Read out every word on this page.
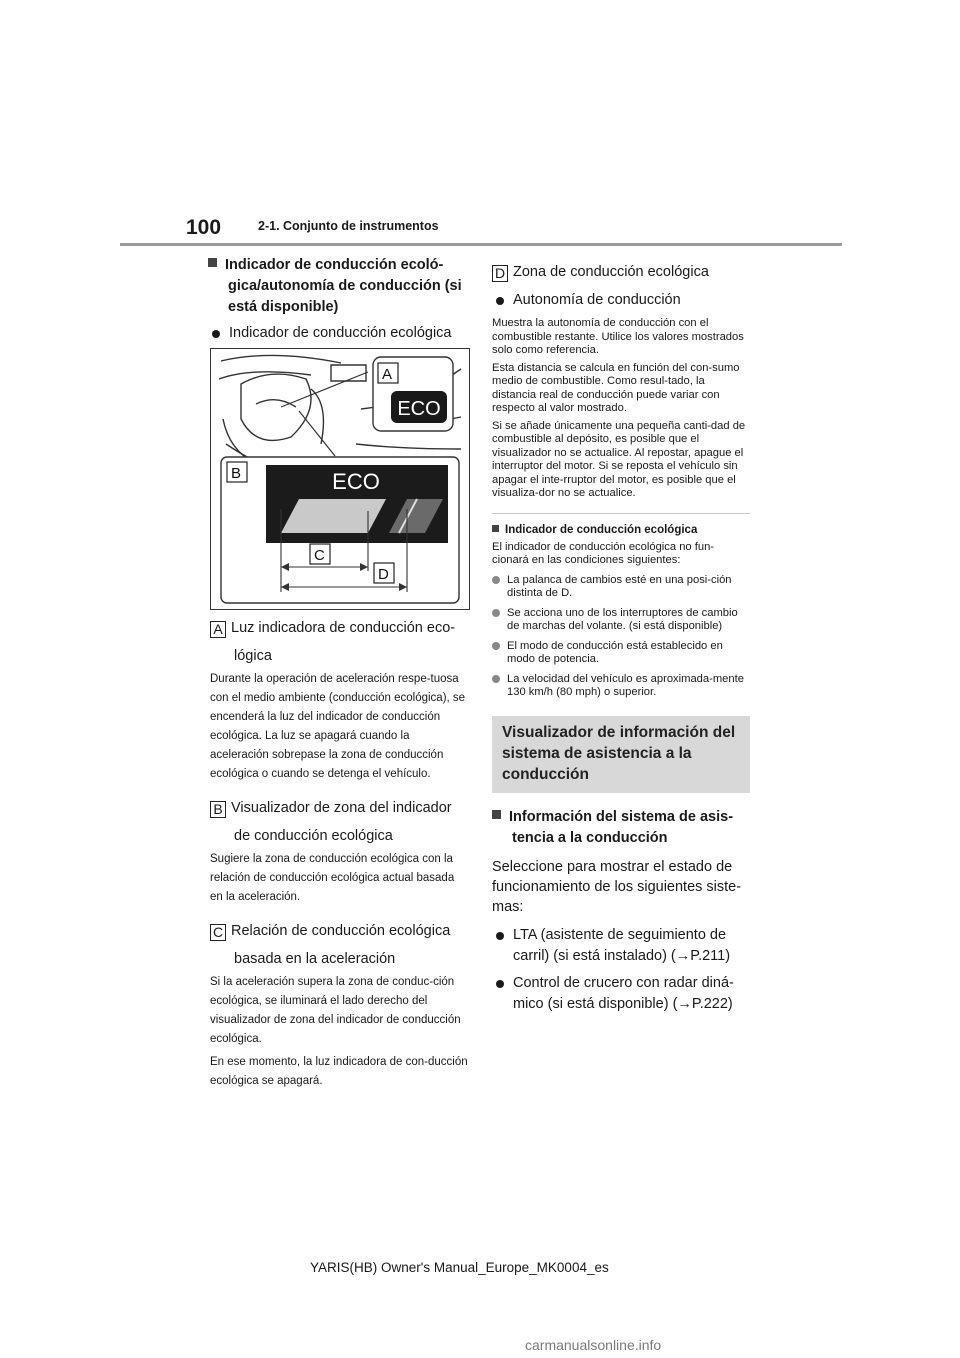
100	2-1. Conjunto de instrumentos
Indicador de conducción ecoló-gica/autonomía de conducción (si está disponible)
Indicador de conducción ecológica
A
ECO
B	ECO
C
D
A Luz indicadora de conducción eco-
lógica

Durante la operación de aceleración respe-tuosa con el medio ambiente (conducción ecológica), se encenderá la luz del indicador de conducción ecológica. La luz se apagará cuando la aceleración sobrepase la zona de conducción ecológica o cuando se detenga el vehículo.

B Visualizador de zona del indicador
de conducción ecológica

Sugiere la zona de conducción ecológica con la relación de conducción ecológica actual basada en la aceleración.

C Relación de conducción ecológica
basada en la aceleración

Si la aceleración supera la zona de conduc-ción ecológica, se iluminará el lado derecho del visualizador de zona del indicador de conducción ecológica.

En ese momento, la luz indicadora de con-ducción ecológica se apagará.

D Zona de conducción ecológica
Autonomía de conducción

Muestra la autonomía de conducción con el combustible restante. Utilice los valores mostrados solo como referencia.

Esta distancia se calcula en función del con-sumo medio de combustible. Como resul-tado, la distancia real de conducción puede variar con respecto al valor mostrado.

Si se añade únicamente una pequeña canti-dad de combustible al depósito, es posible que el visualizador no se actualice. Al repostar, apague el interruptor del motor. Si se reposta el vehículo sin apagar el inte-rruptor del motor, es posible que el visualiza-dor no se actualice.

Indicador de conducción ecológica

El indicador de conducción ecológica no fun-cionará en las condiciones siguientes:

La palanca de cambios esté en una posi-ción distinta de D.
Se acciona uno de los interruptores de cambio de marchas del volante. (si está disponible)
El modo de conducción está establecido en modo de potencia.
La velocidad del vehículo es aproximada-mente 130 km/h (80 mph) o superior.
Visualizador de información del sistema de asistencia a la conducción
Información del sistema de asis-tencia a la conducción

Seleccione para mostrar el estado de funcionamiento de los siguientes siste-mas:

LTA (asistente de seguimiento de carril) (si está instalado) (→P.211)
Control de crucero con radar diná-mico (si está disponible) (→P.222)
YARIS(HB) Owner's Manual_Europe_MK0004_es
carmanualsonline.info
